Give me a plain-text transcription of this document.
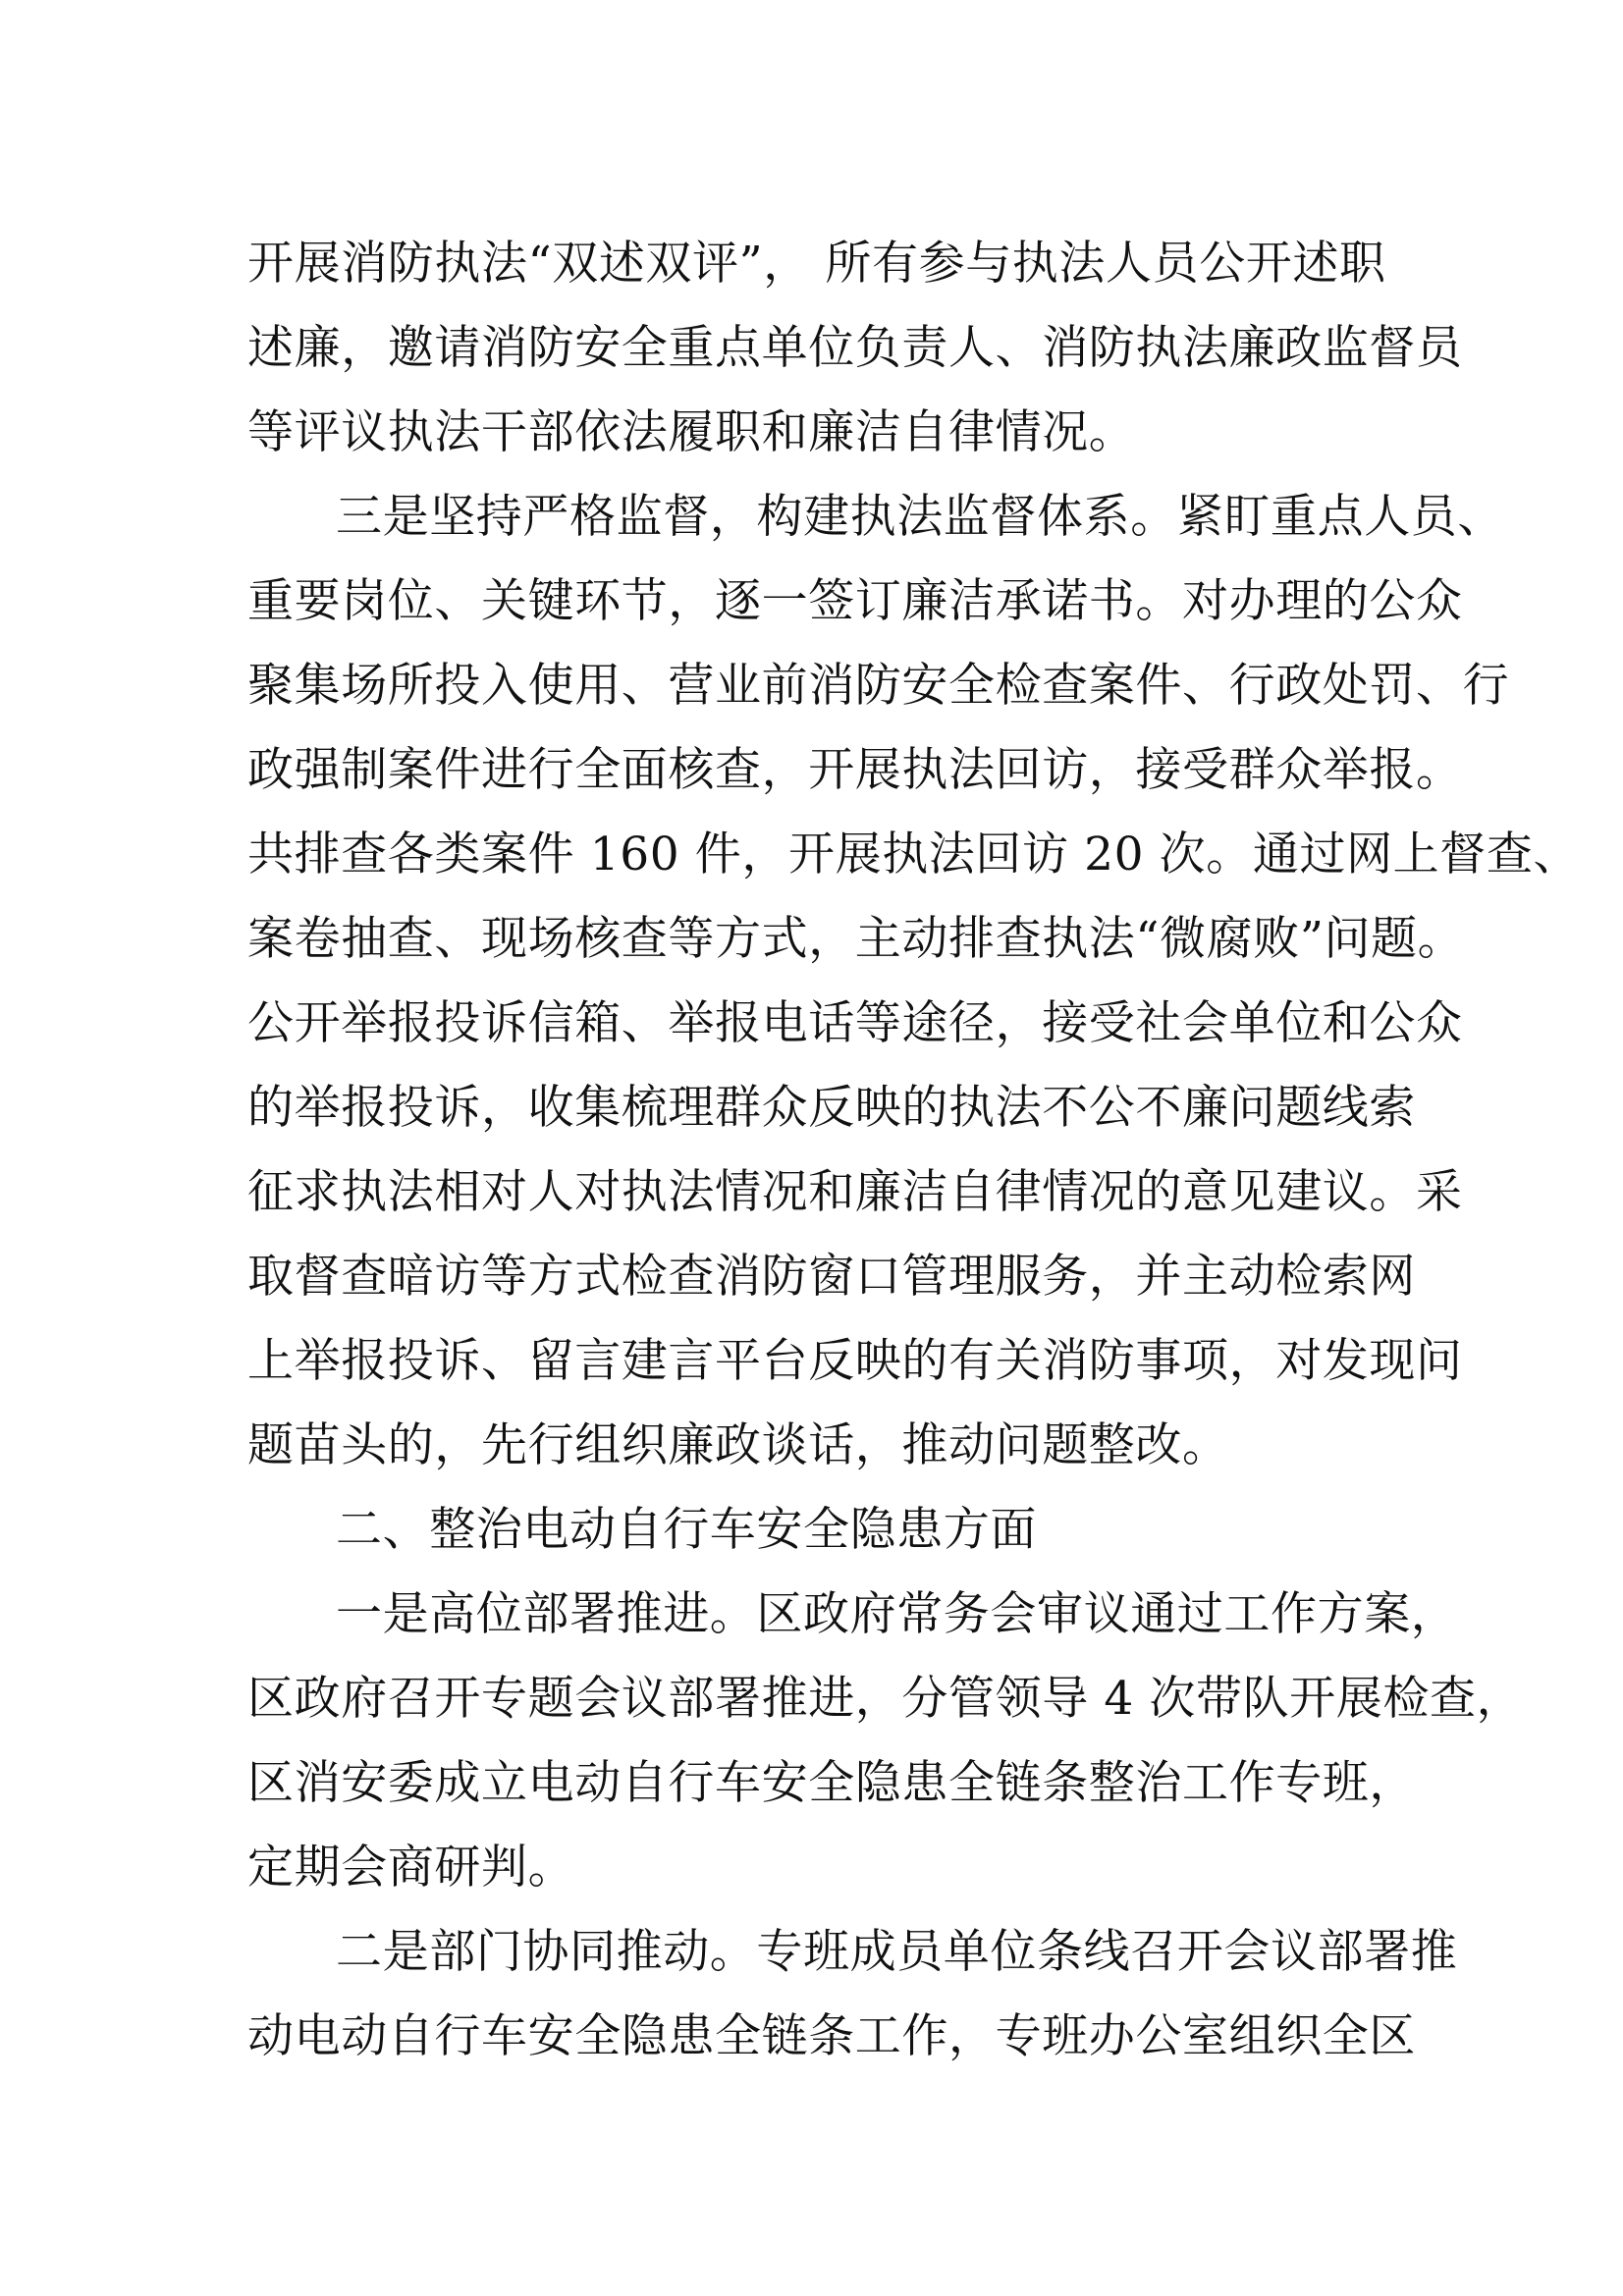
开展消防执法“双述双评”， 所有参与执法人员公开述职
述廉，邀请消防安全重点单位负责人、消防执法廉政监督员
等评议执法干部依法履职和廉洁自律情况。
三是坚持严格监督，构建执法监督体系。紧盯重点人员、
重要岗位、关键环节，逐一签订廉洁承诺书。对办理的公众
聚集场所投入使用、营业前消防安全检查案件、行政处罚、行
政强制案件进行全面核查，开展执法回访，接受群众举报。
共排查各类案件 160 件，开展执法回访 20 次。通过网上督查、
案卷抽查、现场核查等方式，主动排查执法“微腐败”问题。
公开举报投诉信箱、举报电话等途径，接受社会单位和公众
的举报投诉，收集梳理群众反映的执法不公不廉问题线索
征求执法相对人对执法情况和廉洁自律情况的意见建议。采
取督查暗访等方式检查消防窗口管理服务，并主动检索网
上举报投诉、留言建言平台反映的有关消防事项，对发现问
题苗头的，先行组织廉政谈话，推动问题整改。
二、整治电动自行车安全隐患方面
一是高位部署推进。区政府常务会审议通过工作方案，
区政府召开专题会议部署推进，分管领导 4 次带队开展检查，
区消安委成立电动自行车安全隐患全链条整治工作专班，
定期会商研判。
二是部门协同推动。专班成员单位条线召开会议部署推
动电动自行车安全隐患全链条工作，专班办公室组织全区
